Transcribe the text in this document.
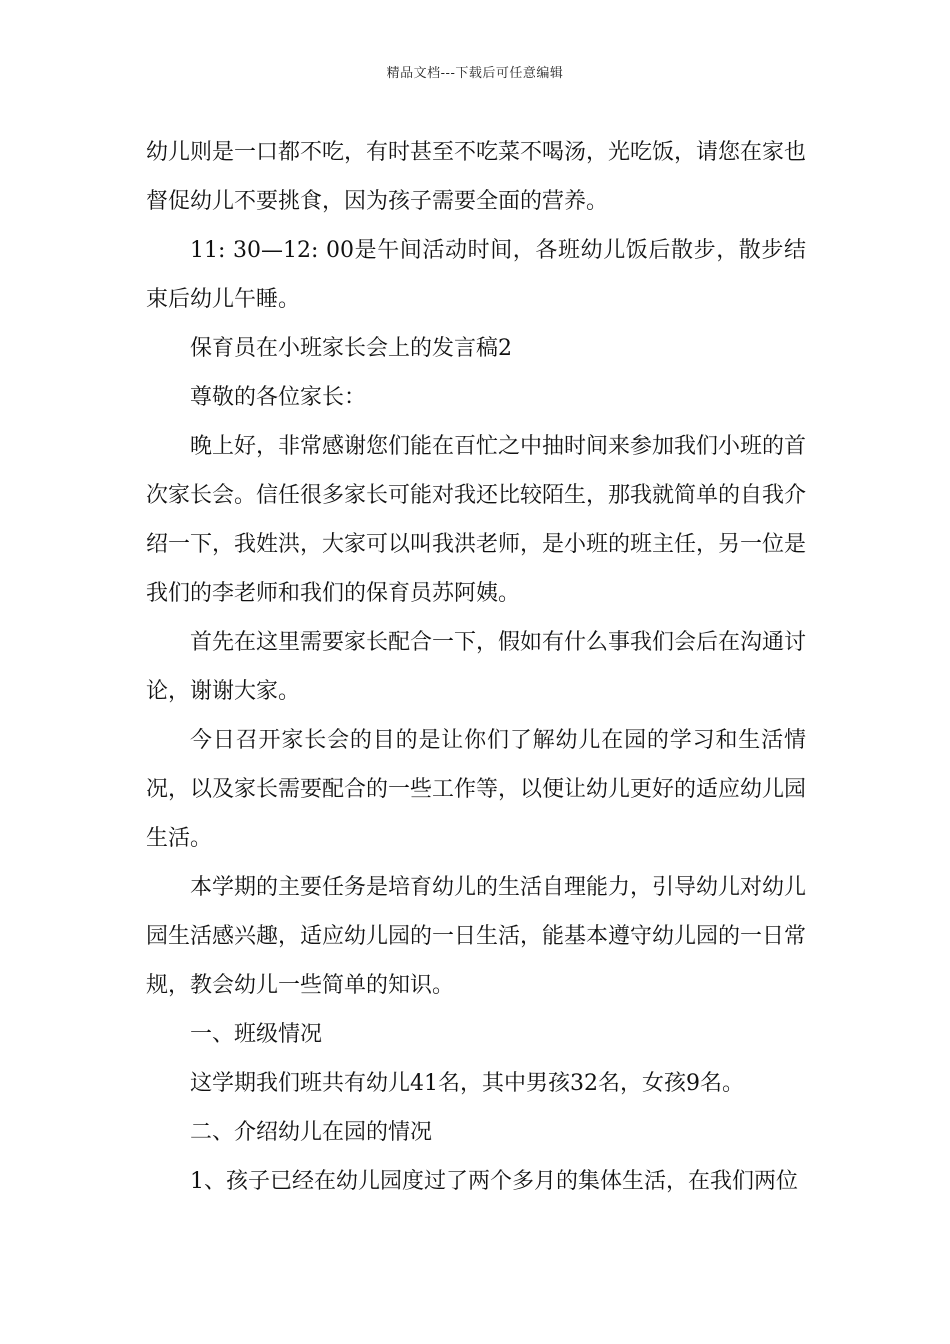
精品文档---下载后可任意编辑

幼儿则是一口都不吃，有时甚至不吃菜不喝汤，光吃饭，请您在家也督促幼儿不要挑食，因为孩子需要全面的营养。

11: 30—12: 00是午间活动时间，各班幼儿饭后散步，散步结束后幼儿午睡。

保育员在小班家长会上的发言稿2

尊敬的各位家长：

晚上好，非常感谢您们能在百忙之中抽时间来参加我们小班的首次家长会。信任很多家长可能对我还比较陌生，那我就简单的自我介绍一下，我姓洪，大家可以叫我洪老师，是小班的班主任，另一位是我们的李老师和我们的保育员苏阿姨。

首先在这里需要家长配合一下，假如有什么事我们会后在沟通讨论，谢谢大家。

今日召开家长会的目的是让你们了解幼儿在园的学习和生活情况，以及家长需要配合的一些工作等，以便让幼儿更好的适应幼儿园生活。

本学期的主要任务是培育幼儿的生活自理能力，引导幼儿对幼儿园生活感兴趣，适应幼儿园的一日生活，能基本遵守幼儿园的一日常规，教会幼儿一些简单的知识。

一、班级情况

这学期我们班共有幼儿41名，其中男孩32名，女孩9名。

二、介绍幼儿在园的情况

1、孩子已经在幼儿园度过了两个多月的集体生活，在我们两位
